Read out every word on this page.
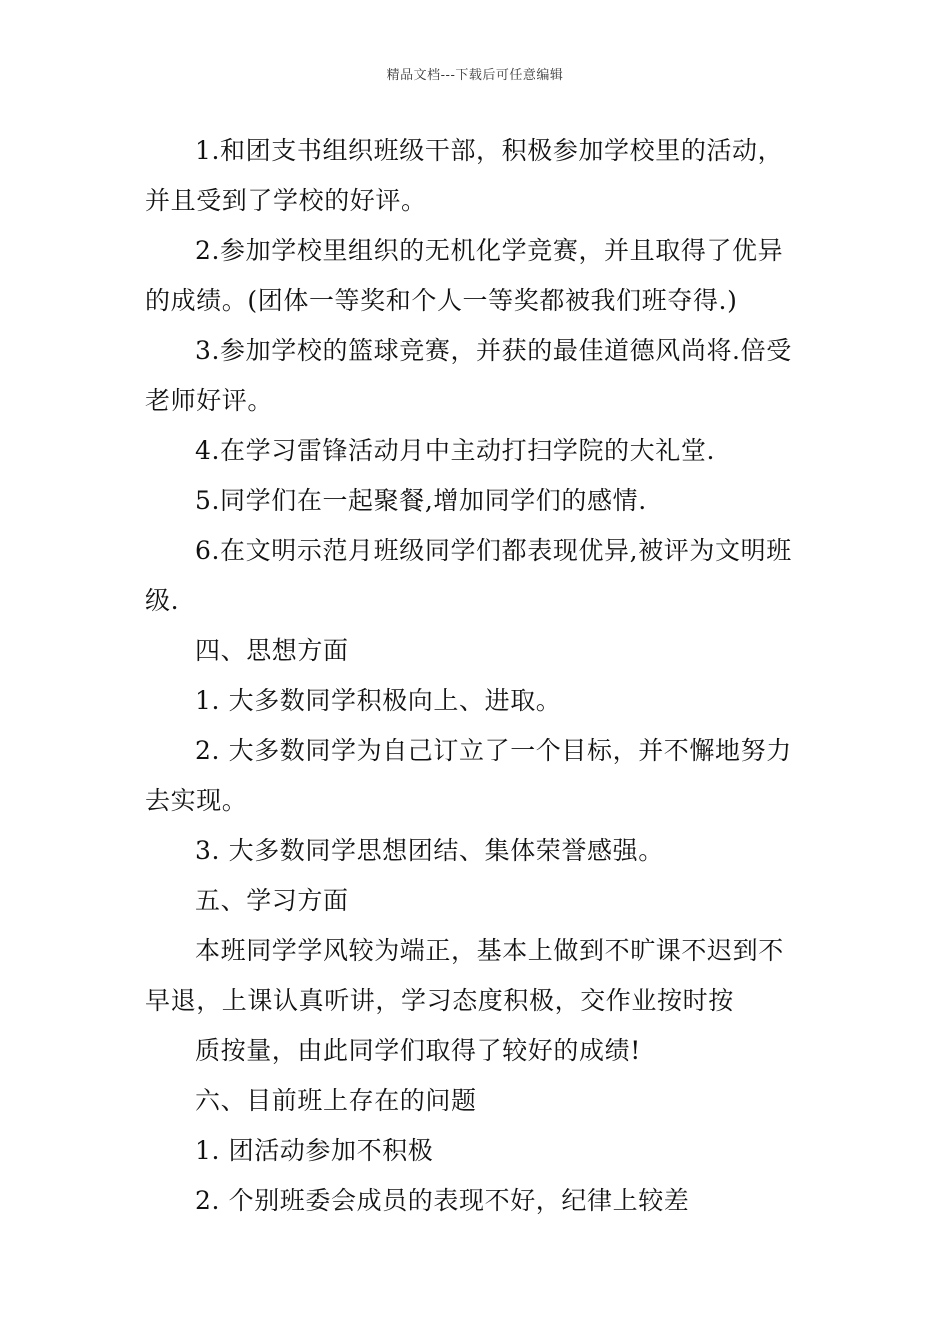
精品文档---下载后可任意编辑
1.和团支书组织班级干部，积极参加学校里的活动，
并且受到了学校的好评。
2.参加学校里组织的无机化学竞赛，并且取得了优异
的成绩。(团体一等奖和个人一等奖都被我们班夺得.)
3.参加学校的篮球竞赛，并获的最佳道德风尚将.倍受
老师好评。
4.在学习雷锋活动月中主动打扫学院的大礼堂.
5.同学们在一起聚餐,增加同学们的感情.
6.在文明示范月班级同学们都表现优异,被评为文明班
级.
四、思想方面
1. 大多数同学积极向上、进取。
2. 大多数同学为自己订立了一个目标，并不懈地努力
去实现。
3. 大多数同学思想团结、集体荣誉感强。
五、学习方面
本班同学学风较为端正，基本上做到不旷课不迟到不
早退，上课认真听讲，学习态度积极，交作业按时按
质按量，由此同学们取得了较好的成绩!
六、目前班上存在的问题
1. 团活动参加不积极
2. 个别班委会成员的表现不好，纪律上较差
